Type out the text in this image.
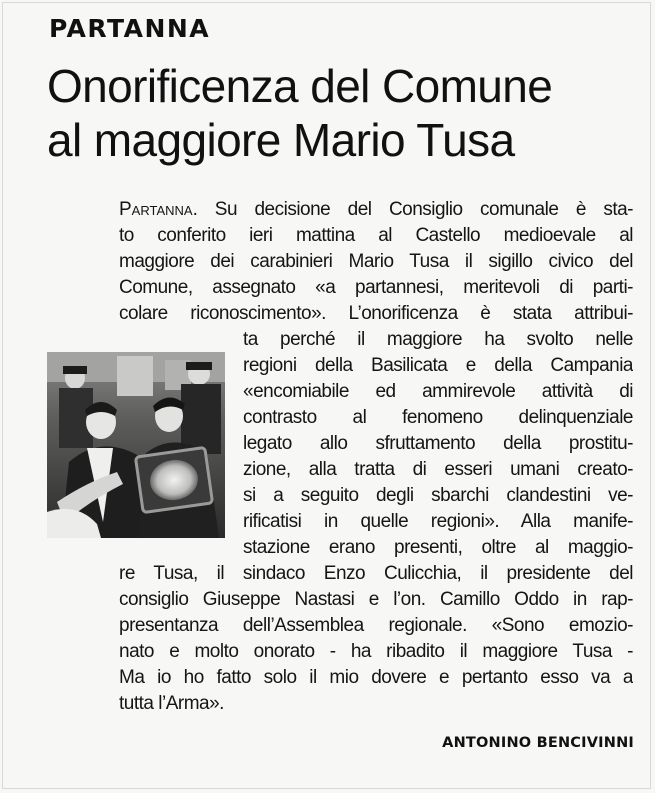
PARTANNA
Onorificenza del Comune
al maggiore Mario Tusa
Partanna. Su decisione del Consiglio comunale è sta-
to conferito ieri mattina al Castello medioevale al
maggiore dei carabinieri Mario Tusa il sigillo civico del
Comune, assegnato «a partannesi, meritevoli di parti-
colare riconoscimento». L’onorificenza è stata attribui-
ta perché il maggiore ha svolto nelle
regioni della Basilicata e della Campania
«encomiabile ed ammirevole attività di
contrasto al fenomeno delinquenziale
legato allo sfruttamento della prostitu-
zione, alla tratta di esseri umani creato-
si a seguito degli sbarchi clandestini ve-
rificatisi in quelle regioni». Alla manife-
stazione erano presenti, oltre al maggio-
re Tusa, il sindaco Enzo Culicchia, il presidente del
consiglio Giuseppe Nastasi e l’on. Camillo Oddo in rap-
presentanza dell’Assemblea regionale. «Sono emozio-
nato e molto onorato - ha ribadito il maggiore Tusa -
Ma io ho fatto solo il mio dovere e pertanto esso va a
tutta l’Arma».
ANTONINO BENCIVINNI
